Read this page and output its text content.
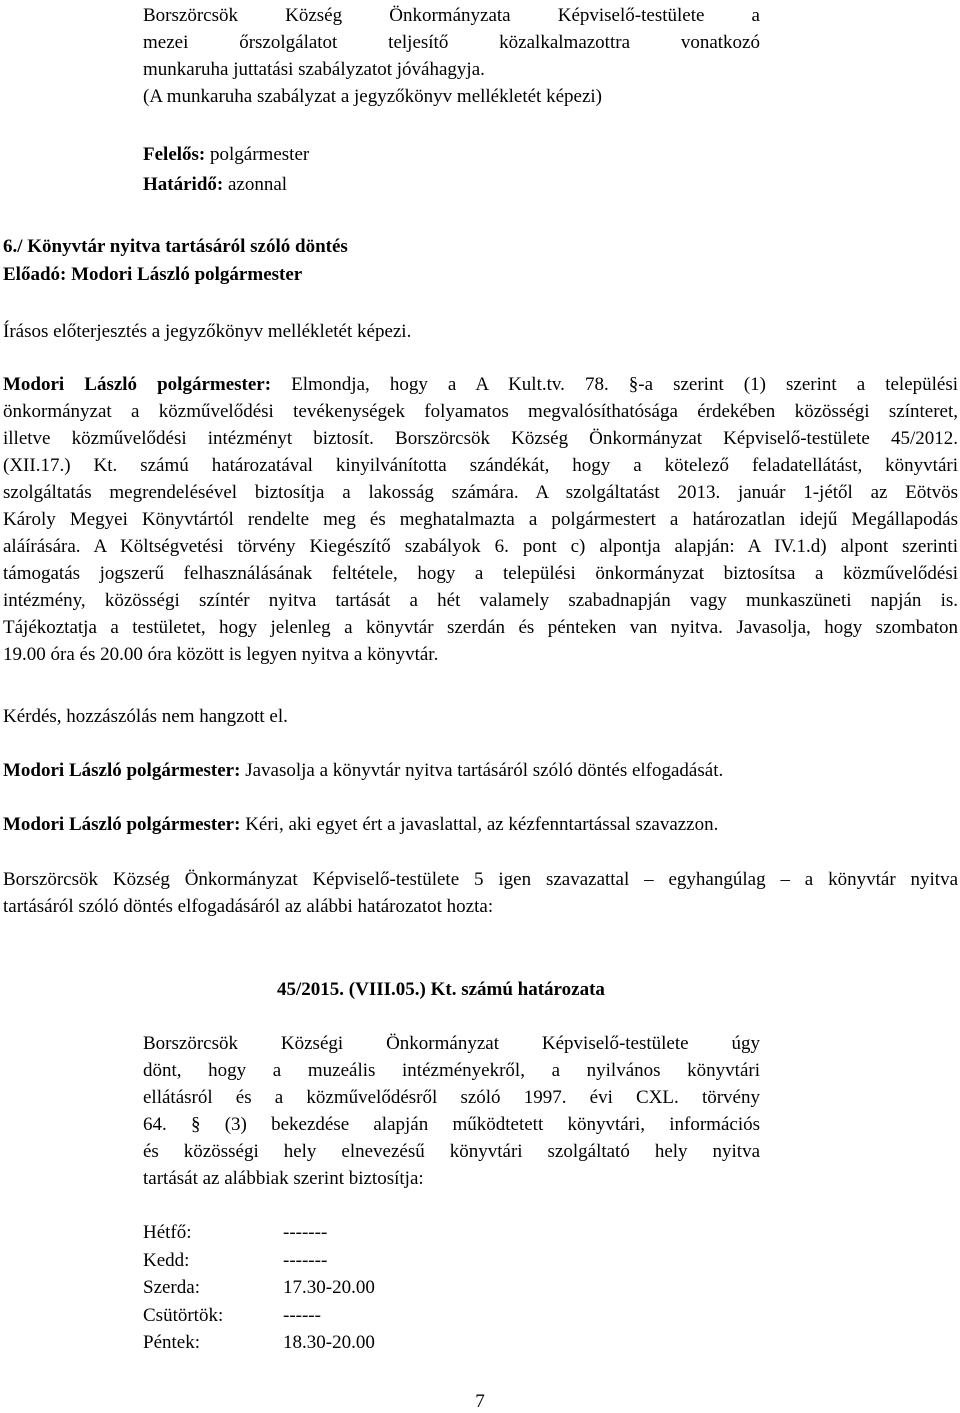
Borszörcsök Község Önkormányzata Képviselő-testülete a
mezei őrszolgálatot teljesítő közalkalmazottra vonatkozó
munkaruha juttatási szabályzatot jóváhagyja.
(A munkaruha szabályzat a jegyzőkönyv mellékletét képezi)
Felelős: polgármester
Határidő: azonnal
6./ Könyvtár nyitva tartásáról szóló döntés
Előadó: Modori László polgármester
Írásos előterjesztés a jegyzőkönyv mellékletét képezi.
Modori László polgármester: Elmondja, hogy a A Kult.tv. 78. §-a szerint (1) szerint a települési
önkormányzat a közművelődési tevékenységek folyamatos megvalósíthatósága érdekében közösségi színteret,
illetve közművelődési intézményt biztosít. Borszörcsök Község Önkormányzat Képviselő-testülete 45/2012.
(XII.17.) Kt. számú határozatával kinyilvánította szándékát, hogy a kötelező feladatellátást, könyvtári
szolgáltatás megrendelésével biztosítja a lakosság számára. A szolgáltatást 2013. január 1-jétől az Eötvös
Károly Megyei Könyvtártól rendelte meg és meghatalmazta a polgármestert a határozatlan idejű Megállapodás
aláírására. A Költségvetési törvény Kiegészítő szabályok 6. pont c) alpontja alapján: A IV.1.d) alpont szerinti
támogatás jogszerű felhasználásának feltétele, hogy a települési önkormányzat biztosítsa a közművelődési
intézmény, közösségi színtér nyitva tartását a hét valamely szabadnapján vagy munkaszüneti napján is.
Tájékoztatja a testületet, hogy jelenleg a könyvtár szerdán és pénteken van nyitva. Javasolja, hogy szombaton
19.00 óra és 20.00 óra között is legyen nyitva a könyvtár.
Kérdés, hozzászólás nem hangzott el.
Modori László polgármester: Javasolja a könyvtár nyitva tartásáról szóló döntés elfogadását.
Modori László polgármester: Kéri, aki egyet ért a javaslattal, az kézfenntartással szavazzon.
Borszörcsök Község Önkormányzat Képviselő-testülete 5 igen szavazattal – egyhangúlag – a könyvtár nyitva
tartásáról szóló döntés elfogadásáról az alábbi határozatot hozta:
45/2015. (VIII.05.) Kt. számú határozata
Borszörcsök Községi Önkormányzat Képviselő-testülete úgy
dönt, hogy a muzeális intézményekről, a nyilvános könyvtári
ellátásról és a közművelődésről szóló 1997. évi CXL. törvény
64. § (3) bekezdése alapján működtetett könyvtári, információs
és közösségi hely elnevezésű könyvtári szolgáltató hely nyitva
tartását az alábbiak szerint biztosítja:
Hétfő:	-------
Kedd:	-------
Szerda:	17.30-20.00
Csütörtök:	------
Péntek:	18.30-20.00
7
